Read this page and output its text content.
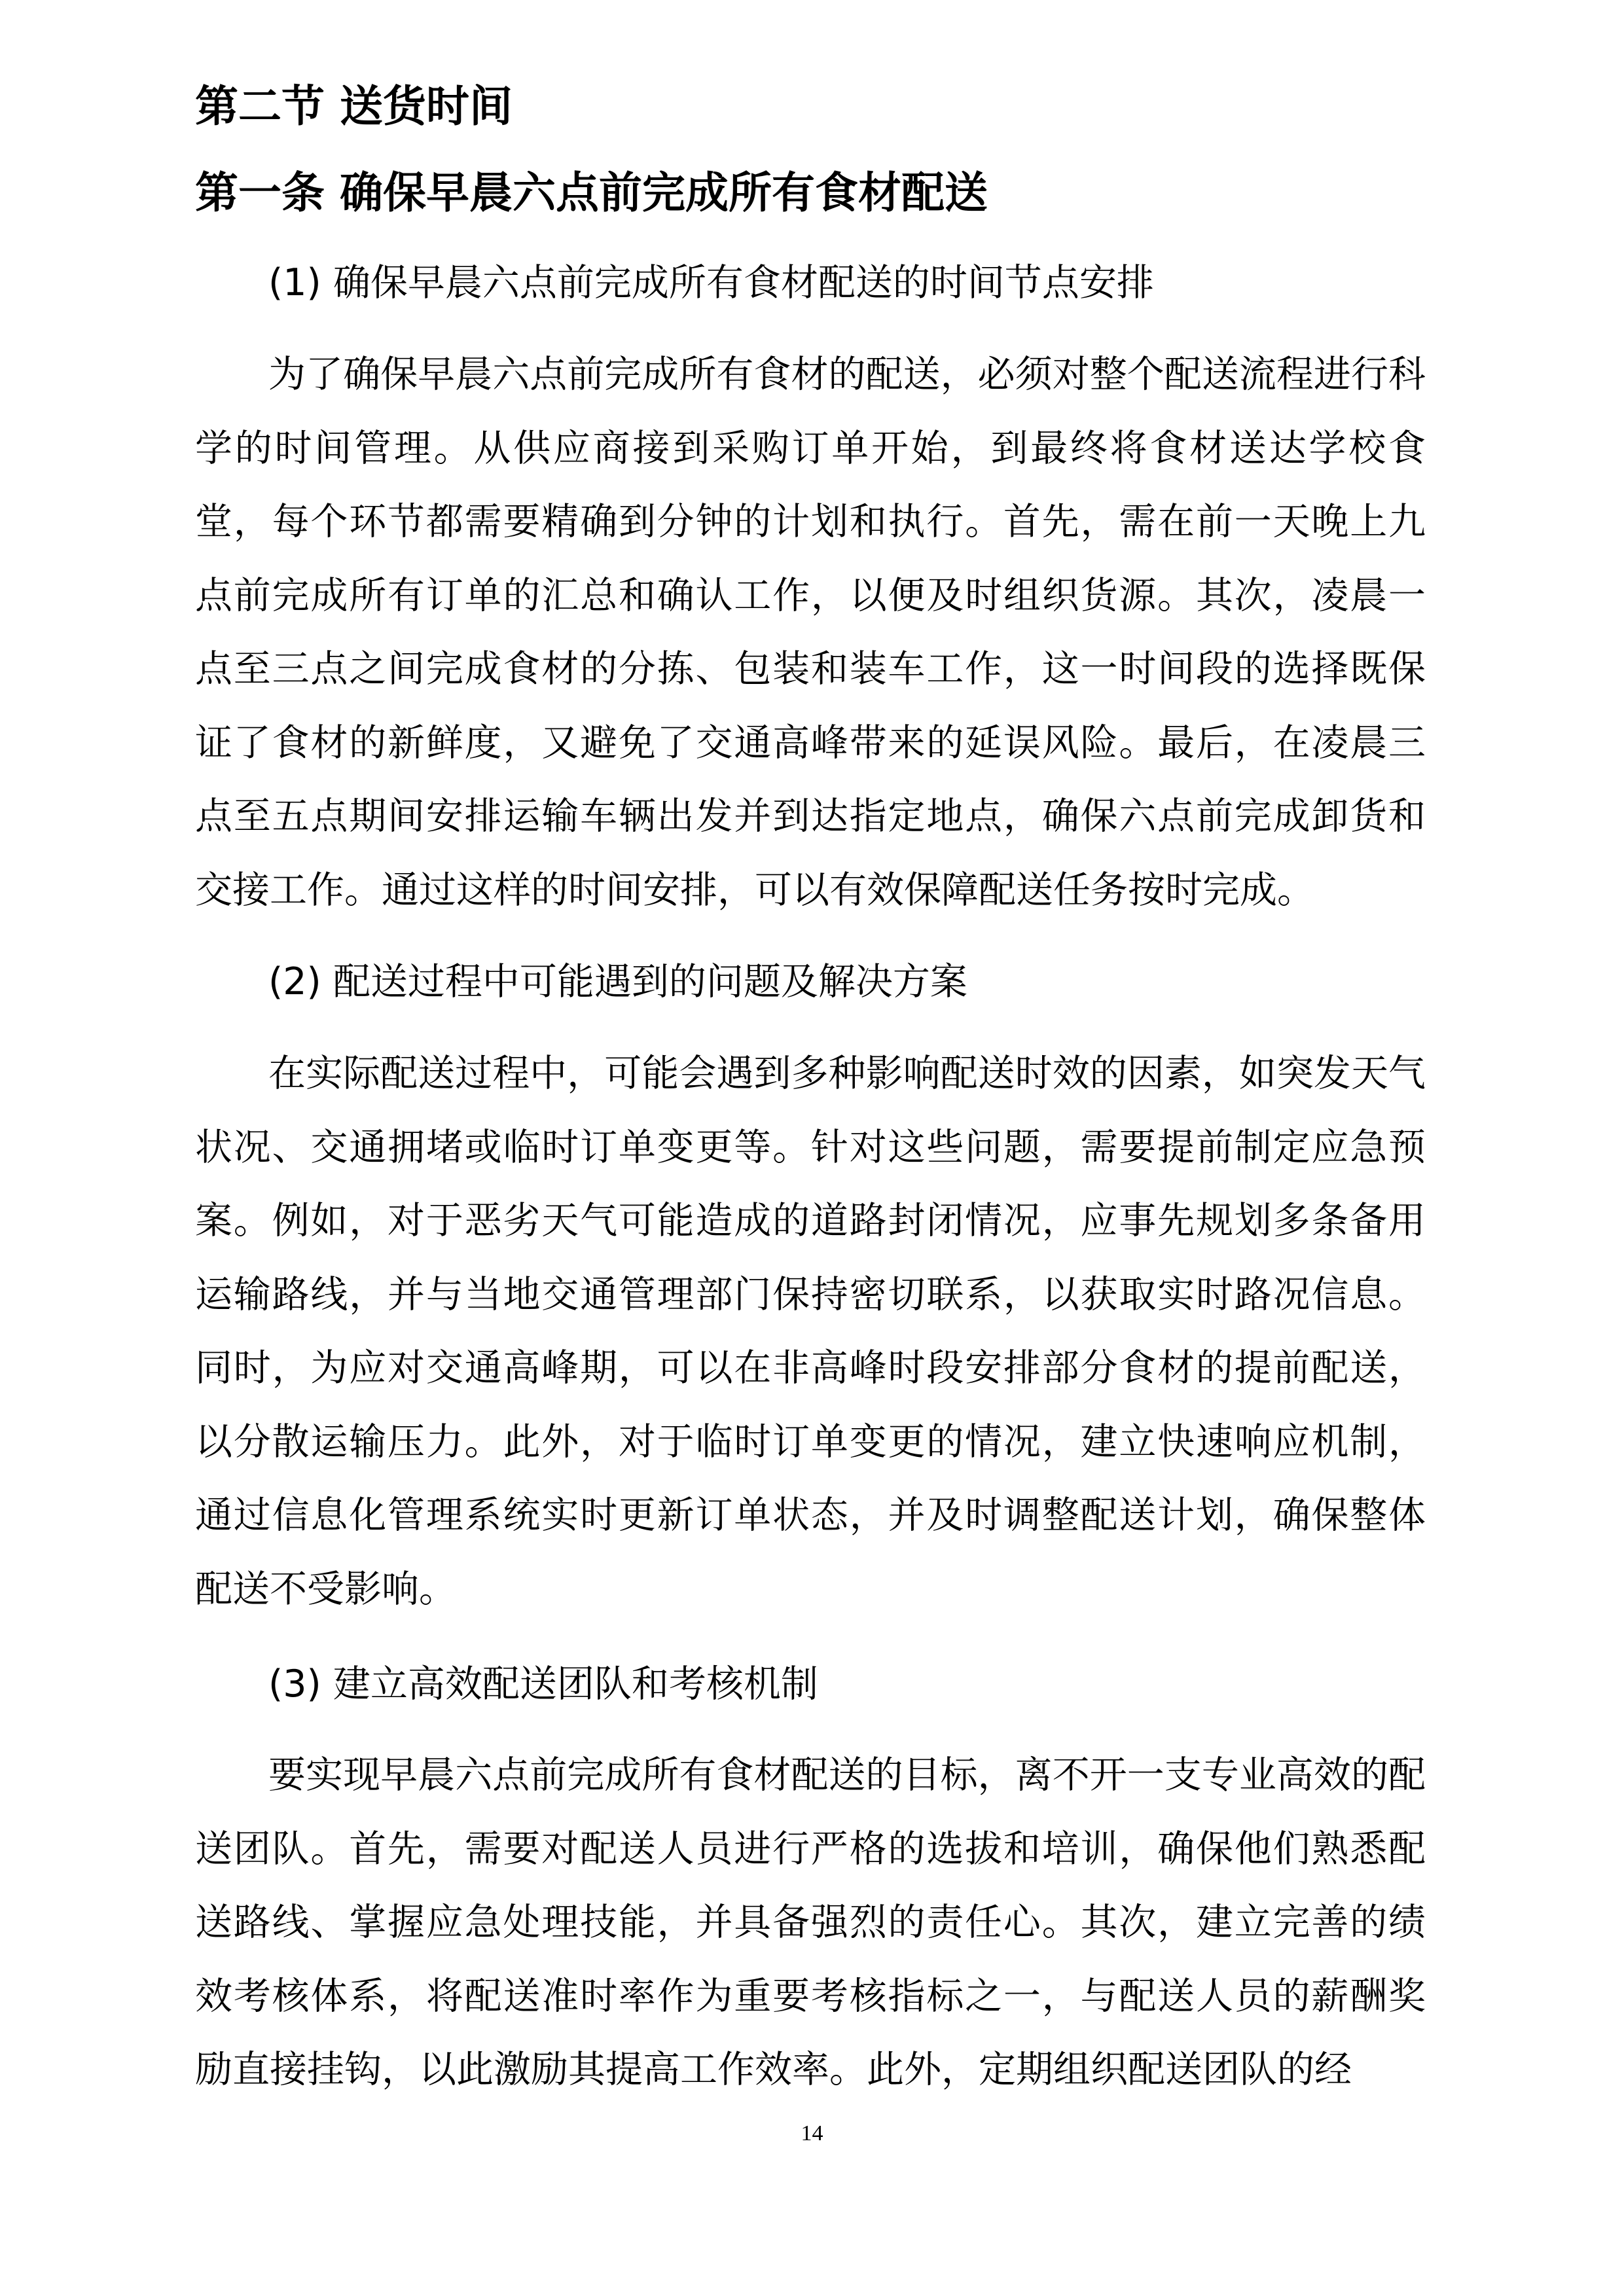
第二节 送货时间
第一条 确保早晨六点前完成所有食材配送

(1) 确保早晨六点前完成所有食材配送的时间节点安排

为了确保早晨六点前完成所有食材的配送，必须对整个配送流程进行科学的时间管理。从供应商接到采购订单开始，到最终将食材送达学校食堂，每个环节都需要精确到分钟的计划和执行。首先，需在前一天晚上九点前完成所有订单的汇总和确认工作，以便及时组织货源。其次，凌晨一点至三点之间完成食材的分拣、包装和装车工作，这一时间段的选择既保证了食材的新鲜度，又避免了交通高峰带来的延误风险。最后，在凌晨三点至五点期间安排运输车辆出发并到达指定地点，确保六点前完成卸货和交接工作。通过这样的时间安排，可以有效保障配送任务按时完成。

(2) 配送过程中可能遇到的问题及解决方案

在实际配送过程中，可能会遇到多种影响配送时效的因素，如突发天气状况、交通拥堵或临时订单变更等。针对这些问题，需要提前制定应急预案。例如，对于恶劣天气可能造成的道路封闭情况，应事先规划多条备用运输路线，并与当地交通管理部门保持密切联系，以获取实时路况信息。同时，为应对交通高峰期，可以在非高峰时段安排部分食材的提前配送，以分散运输压力。此外，对于临时订单变更的情况，建立快速响应机制，通过信息化管理系统实时更新订单状态，并及时调整配送计划，确保整体配送不受影响。

(3) 建立高效配送团队和考核机制

要实现早晨六点前完成所有食材配送的目标，离不开一支专业高效的配送团队。首先，需要对配送人员进行严格的选拔和培训，确保他们熟悉配送路线、掌握应急处理技能，并具备强烈的责任心。其次，建立完善的绩效考核体系，将配送准时率作为重要考核指标之一，与配送人员的薪酬奖励直接挂钩，以此激励其提高工作效率。此外，定期组织配送团队的经

14
